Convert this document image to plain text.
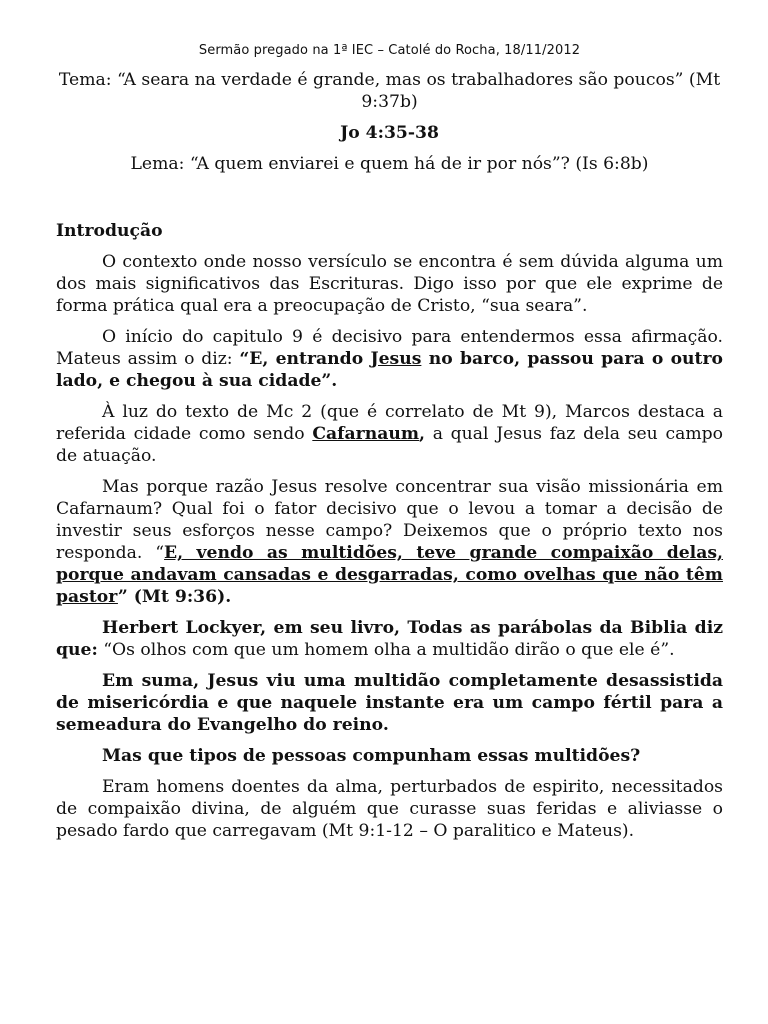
Sermão pregado na 1ª IEC – Catolé do Rocha, 18/11/2012
Tema: “A seara na verdade é grande, mas os trabalhadores são poucos” (Mt 9:37b)
Jo 4:35-38
Lema: “A quem enviarei e quem há de ir por nós”? (Is 6:8b)
Introdução

O contexto onde nosso versículo se encontra é sem dúvida alguma um dos mais significativos das Escrituras. Digo isso por que ele exprime de forma prática qual era a preocupação de Cristo, “sua seara”.

O início do capitulo 9 é decisivo para entendermos essa afirmação. Mateus assim o diz: “E, entrando Jesus no barco, passou para o outro lado, e chegou à sua cidade”.

À luz do texto de Mc 2 (que é correlato de Mt 9), Marcos destaca a referida cidade como sendo Cafarnaum, a qual Jesus faz dela seu campo de atuação.

Mas porque razão Jesus resolve concentrar sua visão missionária em Cafarnaum? Qual foi o fator decisivo que o levou a tomar a decisão de investir seus esforços nesse campo? Deixemos que o próprio texto nos responda. “E, vendo as multidões, teve grande compaixão delas, porque andavam cansadas e desgarradas, como ovelhas que não têm pastor” (Mt 9:36).

Herbert Lockyer, em seu livro, Todas as parábolas da Biblia diz que: “Os olhos com que um homem olha a multidão dirão o que ele é”.

Em suma, Jesus viu uma multidão completamente desassistida de misericórdia e que naquele instante era um campo fértil para a semeadura do Evangelho do reino.

Mas que tipos de pessoas compunham essas multidões?

Eram homens doentes da alma, perturbados de espirito, necessitados de compaixão divina, de alguém que curasse suas feridas e aliviasse o pesado fardo que carregavam (Mt 9:1-12 – O paralitico e Mateus).
